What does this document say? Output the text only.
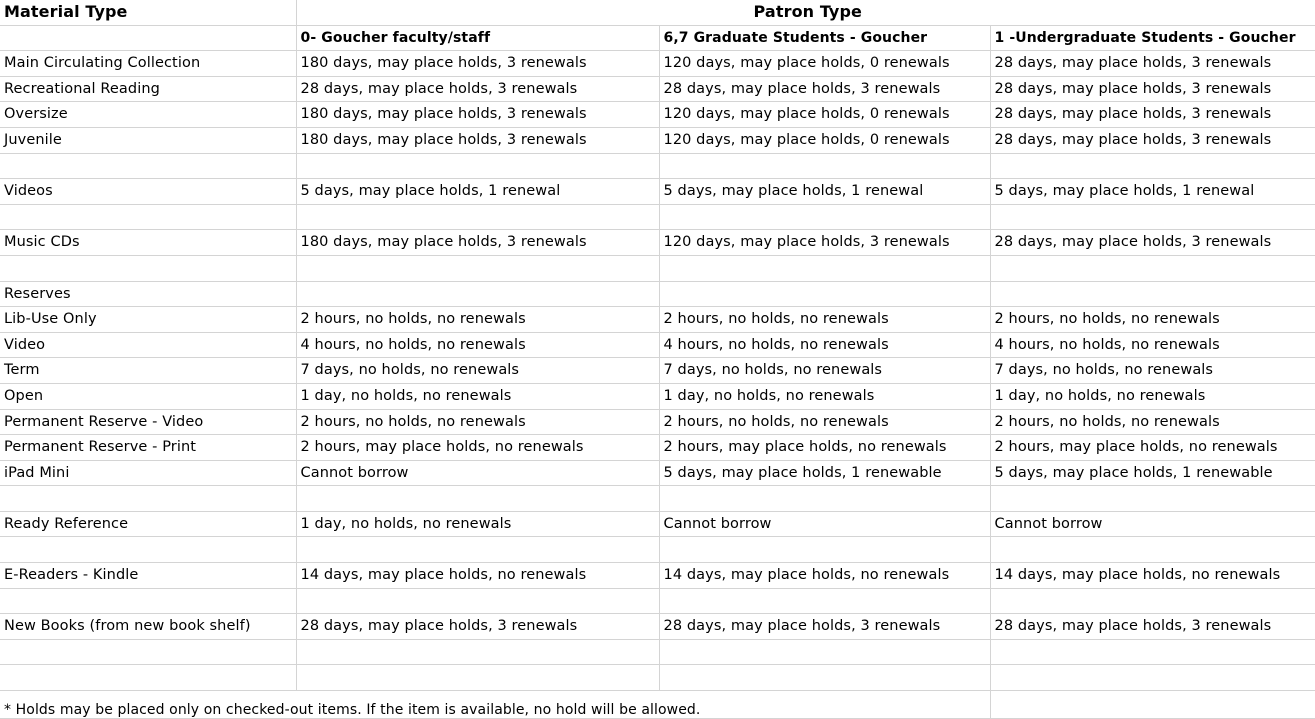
Material Type	Patron Type		
	0- Goucher faculty/staff	6,7 Graduate Students - Goucher	1 -Undergraduate Students - Goucher
Main Circulating Collection	180 days, may place holds, 3 renewals	120 days, may place holds, 0 renewals	28 days, may place holds, 3 renewals
Recreational Reading	28 days, may place holds, 3 renewals	28 days, may place holds, 3 renewals	28 days, may place holds, 3 renewals
Oversize	180 days, may place holds, 3 renewals	120 days, may place holds, 0 renewals	28 days, may place holds, 3 renewals
Juvenile	180 days, may place holds, 3 renewals	120 days, may place holds, 0 renewals	28 days, may place holds, 3 renewals

Videos	5 days, may place holds, 1 renewal	5 days, may place holds, 1 renewal	5 days, may place holds, 1 renewal

Music CDs	180 days, may place holds, 3 renewals	120 days, may place holds, 3 renewals	28 days, may place holds, 3 renewals

Reserves			
Lib-Use Only	2 hours, no holds, no renewals	2 hours, no holds, no renewals	2 hours, no holds, no renewals
Video	4 hours, no holds, no renewals	4 hours, no holds, no renewals	4 hours, no holds, no renewals
Term	7 days, no holds, no renewals	7 days, no holds, no renewals	7 days, no holds, no renewals
Open	1 day, no holds, no renewals	1 day, no holds, no renewals	1 day, no holds, no renewals
Permanent Reserve - Video	2 hours, no holds, no renewals	2 hours, no holds, no renewals	2 hours, no holds, no renewals
Permanent Reserve - Print	2 hours, may place holds, no renewals	2 hours, may place holds, no renewals	2 hours, may place holds, no renewals
iPad Mini	Cannot borrow	5 days, may place holds, 1 renewable	5 days, may place holds, 1 renewable

Ready Reference	1 day, no holds, no renewals	Cannot borrow	Cannot borrow

E-Readers - Kindle	14 days, may place holds, no renewals	14 days, may place holds, no renewals	14 days, may place holds, no renewals

New Books (from new book shelf)	28 days, may place holds, 3 renewals	28 days, may place holds, 3 renewals	28 days, may place holds, 3 renewals

* Holds may be placed only on checked-out items. If the item is available, no hold will be allowed.			
